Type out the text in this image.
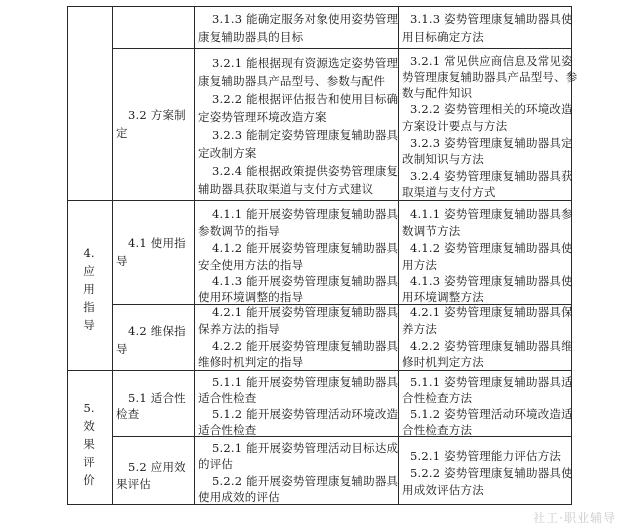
3.1.3 能确定服务对象使用姿势管理
康复辅助器具的目标
3.1.3 姿势管理康复辅助器具使
用目标确定方法
3.2 方案制
定
3.2.1 能根据现有资源选定姿势管理
康复辅助器具产品型号、参数与配件
3.2.2 能根据评估报告和使用目标确
定姿势管理环境改造方案
3.2.3 能制定姿势管理康复辅助器具
定改制方案
3.2.4 能根据政策提供姿势管理康复
辅助器具获取渠道与支付方式建议
3.2.1 常见供应商信息及常见姿
势管理康复辅助器具产品型号、参
数与配件知识
3.2.2 姿势管理相关的环境改造
方案设计要点与方法
3.2.3 姿势管理康复辅助器具定
改制知识与方法
3.2.4 姿势管理康复辅助器具获
取渠道与支付方式
4.
应
用
指
导
4.1 使用指
导
4.1.1 能开展姿势管理康复辅助器具
参数调节的指导
4.1.2 能开展姿势管理康复辅助器具
安全使用方法的指导
4.1.3 能开展姿势管理康复辅助器具
使用环境调整的指导
4.1.1 姿势管理康复辅助器具参
数调节方法
4.1.2 姿势管理康复辅助器具使
用方法
4.1.3 姿势管理康复辅助器具使
用环境调整方法
4.2 维保指
导
4.2.1 能开展姿势管理康复辅助器具
保养方法的指导
4.2.2 能开展姿势管理康复辅助器具
维修时机判定的指导
4.2.1 姿势管理康复辅助器具保
养方法
4.2.2 姿势管理康复辅助器具维
修时机判定方法
5.
效
果
评
价
5.1 适合性
检查
5.1.1 能开展姿势管理康复辅助器具
适合性检查
5.1.2 能开展姿势管理活动环境改造
适合性检查
5.1.1 姿势管理康复辅助器具适
合性检查方法
5.1.2 姿势管理活动环境改造适
合性检查方法
5.2 应用效
果评估
5.2.1 能开展姿势管理活动目标达成
的评估
5.2.2 能开展姿势管理康复辅助器具
使用成效的评估
5.2.1 姿势管理能力评估方法
5.2.2 姿势管理康复辅助器具使
用成效评估方法
社工·职业辅导
